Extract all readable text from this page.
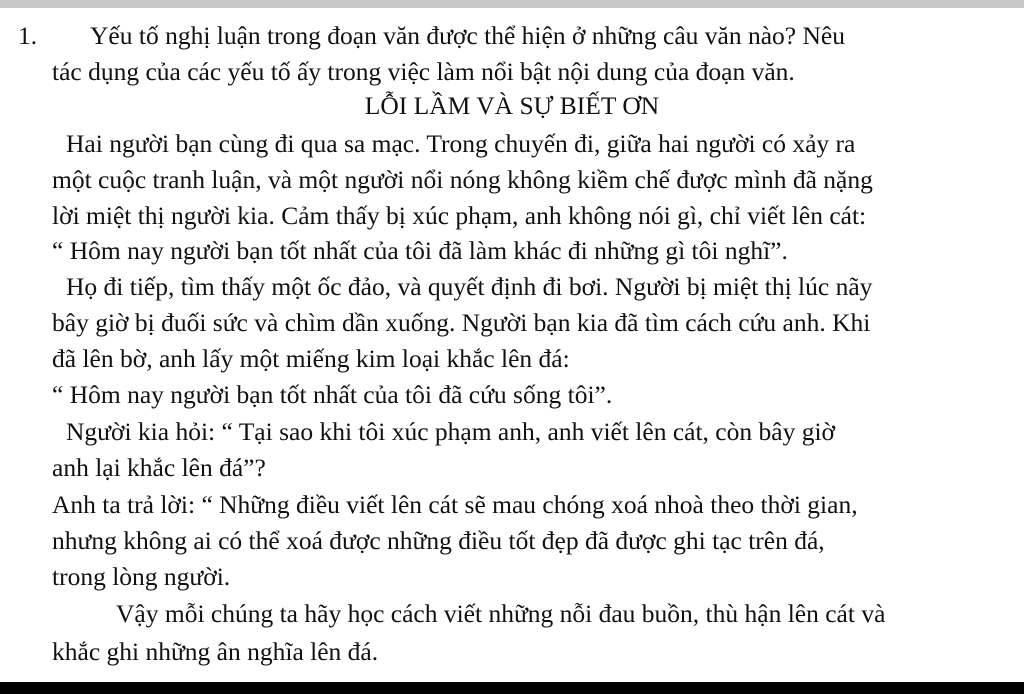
1. Yếu tố nghị luận trong đoạn văn được thể hiện ở những câu văn nào? Nêu
tác dụng của các yếu tố ấy trong việc làm nổi bật nội dung của đoạn văn.
LỖI LẦM VÀ SỰ BIẾT ƠN
Hai người bạn cùng đi qua sa mạc. Trong chuyến đi, giữa hai người có xảy ra
một cuộc tranh luận, và một người nổi nóng không kiềm chế được mình đã nặng
lời miệt thị người kia. Cảm thấy bị xúc phạm, anh không nói gì, chỉ viết lên cát:
“ Hôm nay người bạn tốt nhất của tôi đã làm khác đi những gì tôi nghĩ”.
Họ đi tiếp, tìm thấy một ốc đảo, và quyết định đi bơi. Người bị miệt thị lúc nãy
bây giờ bị đuối sức và chìm dần xuống. Người bạn kia đã tìm cách cứu anh. Khi
đã lên bờ, anh lấy một miếng kim loại khắc lên đá:
“ Hôm nay người bạn tốt nhất của tôi đã cứu sống tôi”.
Người kia hỏi: “ Tại sao khi tôi xúc phạm anh, anh viết lên cát, còn bây giờ
anh lại khắc lên đá”?
Anh ta trả lời: “ Những điều viết lên cát sẽ mau chóng xoá nhoà theo thời gian,
nhưng không ai có thể xoá được những điều tốt đẹp đã được ghi tạc trên đá,
trong lòng người.
Vậy mỗi chúng ta hãy học cách viết những nỗi đau buồn, thù hận lên cát và
khắc ghi những ân nghĩa lên đá.
